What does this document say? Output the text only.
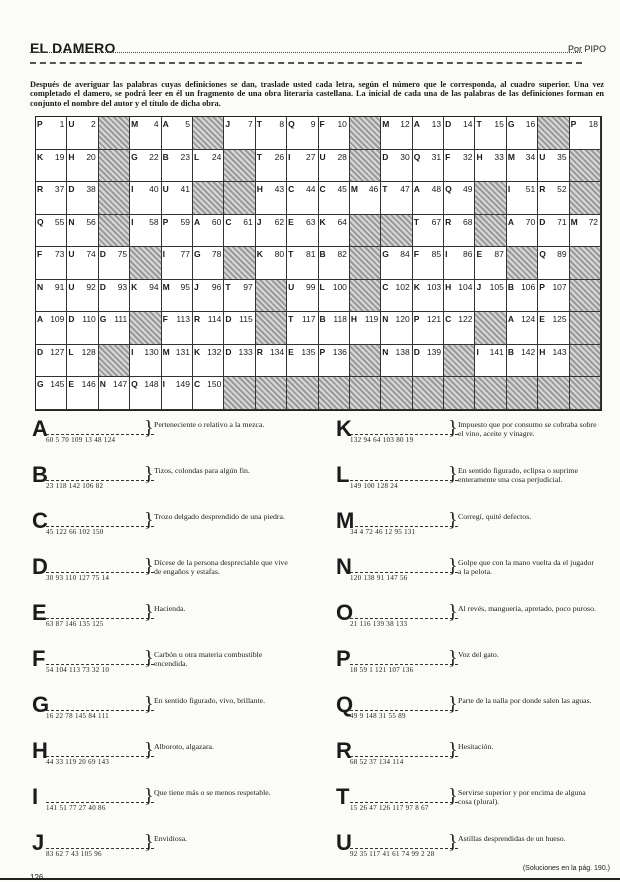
EL DAMERO	Por PIPO
Después de averiguar las palabras cuyas definiciones se dan, traslade usted cada letra, según el número que le corresponda, al cuadro superior. Una vez completado el damero, se podrá leer en él un fragmento de una obra literaria castellana. La inicial de cada una de las palabras de las definiciones forman en conjunto el nombre del autor y el título de dicha obra.
P 1 U 2	M 4 A 5	J 7 T 8 Q 9 F 10	M 12 A 13 D 14 T 15 G 16	P 18
K 19 H 20	G 22 B 23 L 24	T 26 I 27 U 28	D 30 Q 31 F 32 H 33 M 34 U 35
R 37 D 38	I 40 U 41	H 43 C 44 C 45 M 46 T 47 A 48 Q 49	I 51 R 52
Q 55 N 56	I 58 P 59 A 60 C 61 J 62 E 63 K 64	T 67 R 68	A 70 D 71 M 72
F 73 U 74 D 75	I 77 G 78	K 80 T 81 B 82	G 84 F 85 I 86 E 87	Q 89
N 91 U 92 D 93 K 94 M 95 J 96 T 97	U 99 L 100	C 102 K 103 H 104 J 105 B 106 P 107
A 109 D 110 G 111	F 113 R 114 D 115	T 117 B 118 H 119 N 120 P 121 C 122	A 124 E 125
D 127 L 128	I 130 M 131 K 132 D 133 R 134 E 135 P 136	N 138 D 139	I 141 B 142 H 143
G 145 E 146 N 147 Q 148 I 149 C 150
A
60 5 70 109 13 48 124
} Perteneciente o relativo a la mezca.
B
23 118 142 106 82
} Tizos, colondas para algún fin.
C
45 122 66 102 150
} Trozo delgado desprendido de una piedra.
D
30 93 110 127 75 14
} Dícese de la persona despreciable que vive de engaños y estafas.
E 63 87 146 135 125
} Hacienda.
F 54 104 113 73 32 10
} Carbón u otra materia combustible encendida.
G
16 22 78 145 84 111
} En sentido figurado, vivo, brillante.
H
44 33 119 20 69 143
} Alboroto, algazara.
I 141 51 77 27 40 86
} Que tiene más o se menos respetable.
J 83 62 7 43 105 96
} Envidiosa.
K
132 94 64 103 80 19
} Impuesto que por consumo se cobraba sobre el vino, aceite y vinagre.
L 149 100 128 24
} En sentido figurado, eclipsa o suprime enteramente una cosa perjudicial.
M
34 4 72 46 12 95 131
} Corregí, quité defectos.
N
120 138 91 147 56
} Golpe que con la mano vuelta da el jugador a la pelota.
O
21 116 139 38 133
} Al revés, mangueria, apretado, poco puroso.
P 18 59 1 121 107 136
} Voz del gato.
Q
49 9 148 31 55 89
} Parte de la nalla por donde salen las aguas.
R
68 52 37 134 114
} Hesitación.
T 15 26 47 126 117 97 8 67
} Servirse superior y por encima de alguna cosa (plural).
U
92 35 117 41 61 74 99 2 28
} Astillas desprendidas de un hueso.
(Soluciones en la pág. 190.)
126
